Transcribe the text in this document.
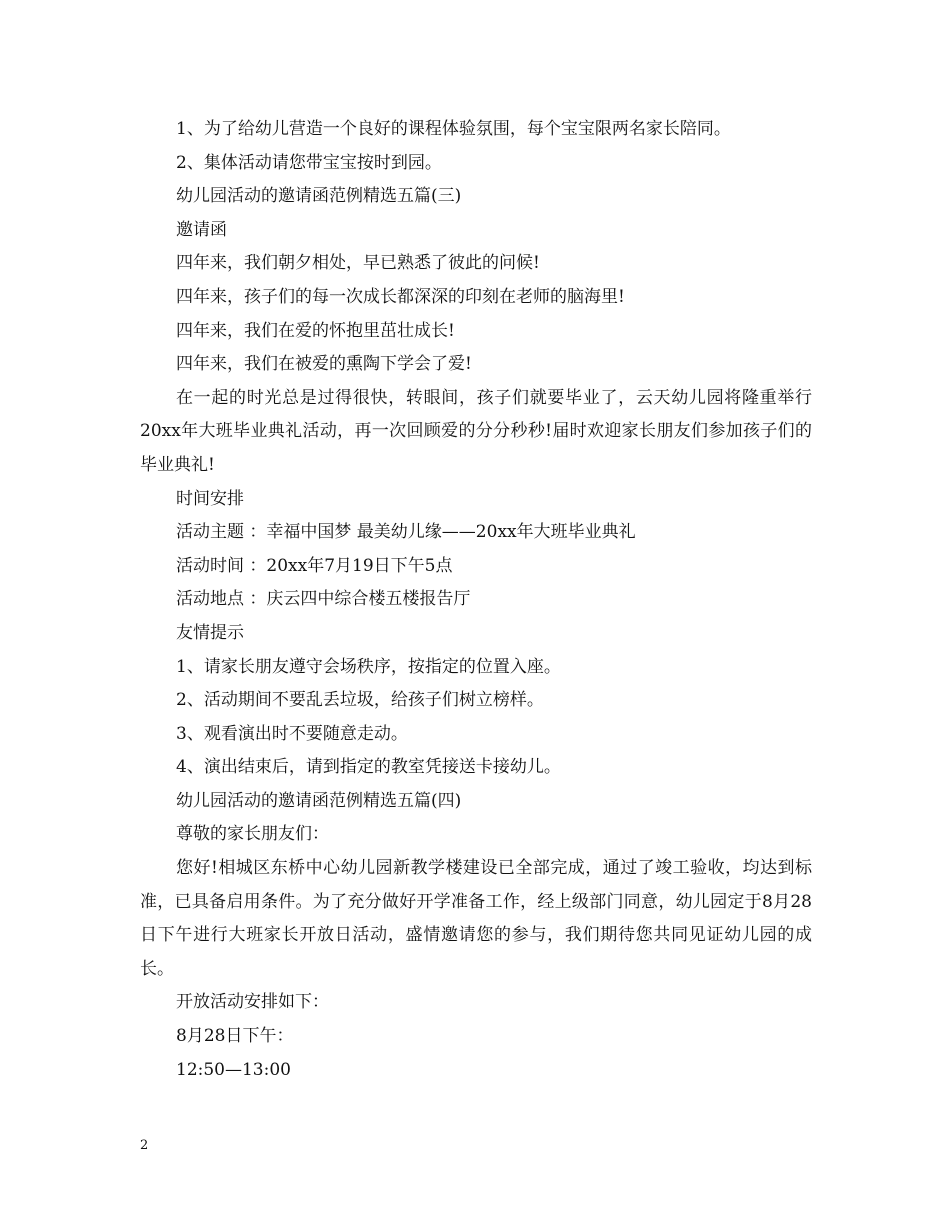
1、为了给幼儿营造一个良好的课程体验氛围，每个宝宝限两名家长陪同。

2、集体活动请您带宝宝按时到园。

幼儿园活动的邀请函范例精选五篇(三)

邀请函

四年来，我们朝夕相处，早已熟悉了彼此的问候!

四年来，孩子们的每一次成长都深深的印刻在老师的脑海里!

四年来，我们在爱的怀抱里茁壮成长!

四年来，我们在被爱的熏陶下学会了爱!

在一起的时光总是过得很快，转眼间，孩子们就要毕业了，云天幼儿园将隆重举行20xx年大班毕业典礼活动，再一次回顾爱的分分秒秒!届时欢迎家长朋友们参加孩子们的毕业典礼!

时间安排

活动主题 ：幸福中国梦 最美幼儿缘——20xx年大班毕业典礼

活动时间 ：20xx年7月19日下午5点

活动地点 ：庆云四中综合楼五楼报告厅

友情提示

1、请家长朋友遵守会场秩序，按指定的位置入座。

2、活动期间不要乱丢垃圾，给孩子们树立榜样。

3、观看演出时不要随意走动。

4、演出结束后，请到指定的教室凭接送卡接幼儿。

幼儿园活动的邀请函范例精选五篇(四)

尊敬的家长朋友们：

您好!相城区东桥中心幼儿园新教学楼建设已全部完成，通过了竣工验收，均达到标准，已具备启用条件。为了充分做好开学准备工作，经上级部门同意，幼儿园定于8月28日下午进行大班家长开放日活动，盛情邀请您的参与，我们期待您共同见证幼儿园的成长。

开放活动安排如下：

8月28日下午：

12:50—13:00

2
